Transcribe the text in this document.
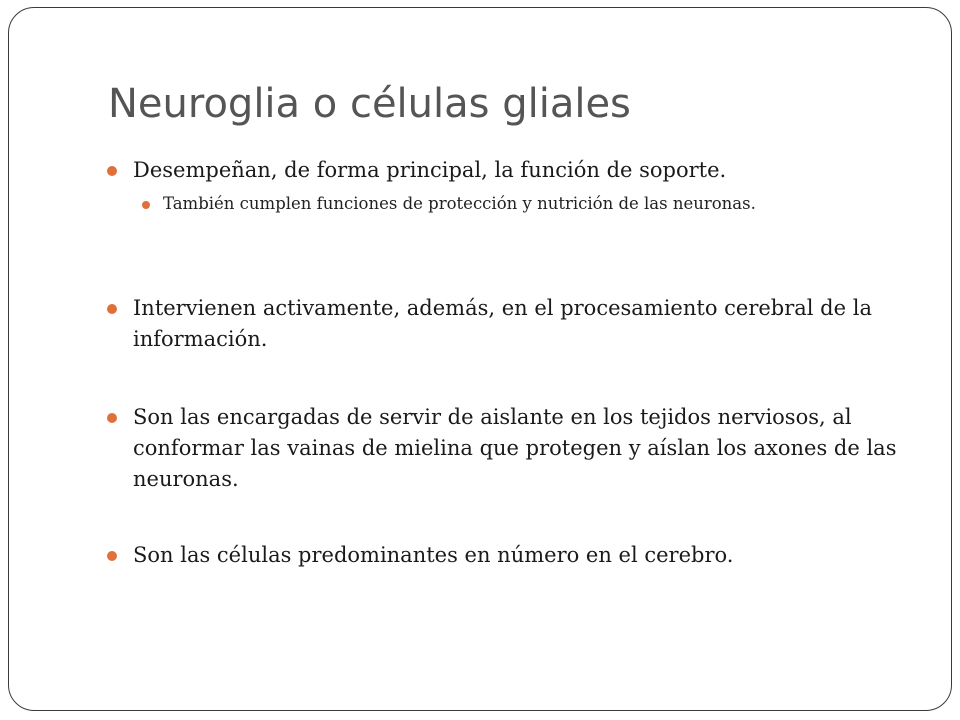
Neuroglia o células gliales

Desempeñan, de forma principal, la función de soporte.

También cumplen funciones de protección y nutrición de las neuronas.

Intervienen activamente, además, en el procesamiento cerebral de la información.

Son las encargadas de servir de aislante en los tejidos nerviosos, al conformar las vainas de mielina que protegen y aíslan los axones de las neuronas.

Son las células predominantes en número en el cerebro.
